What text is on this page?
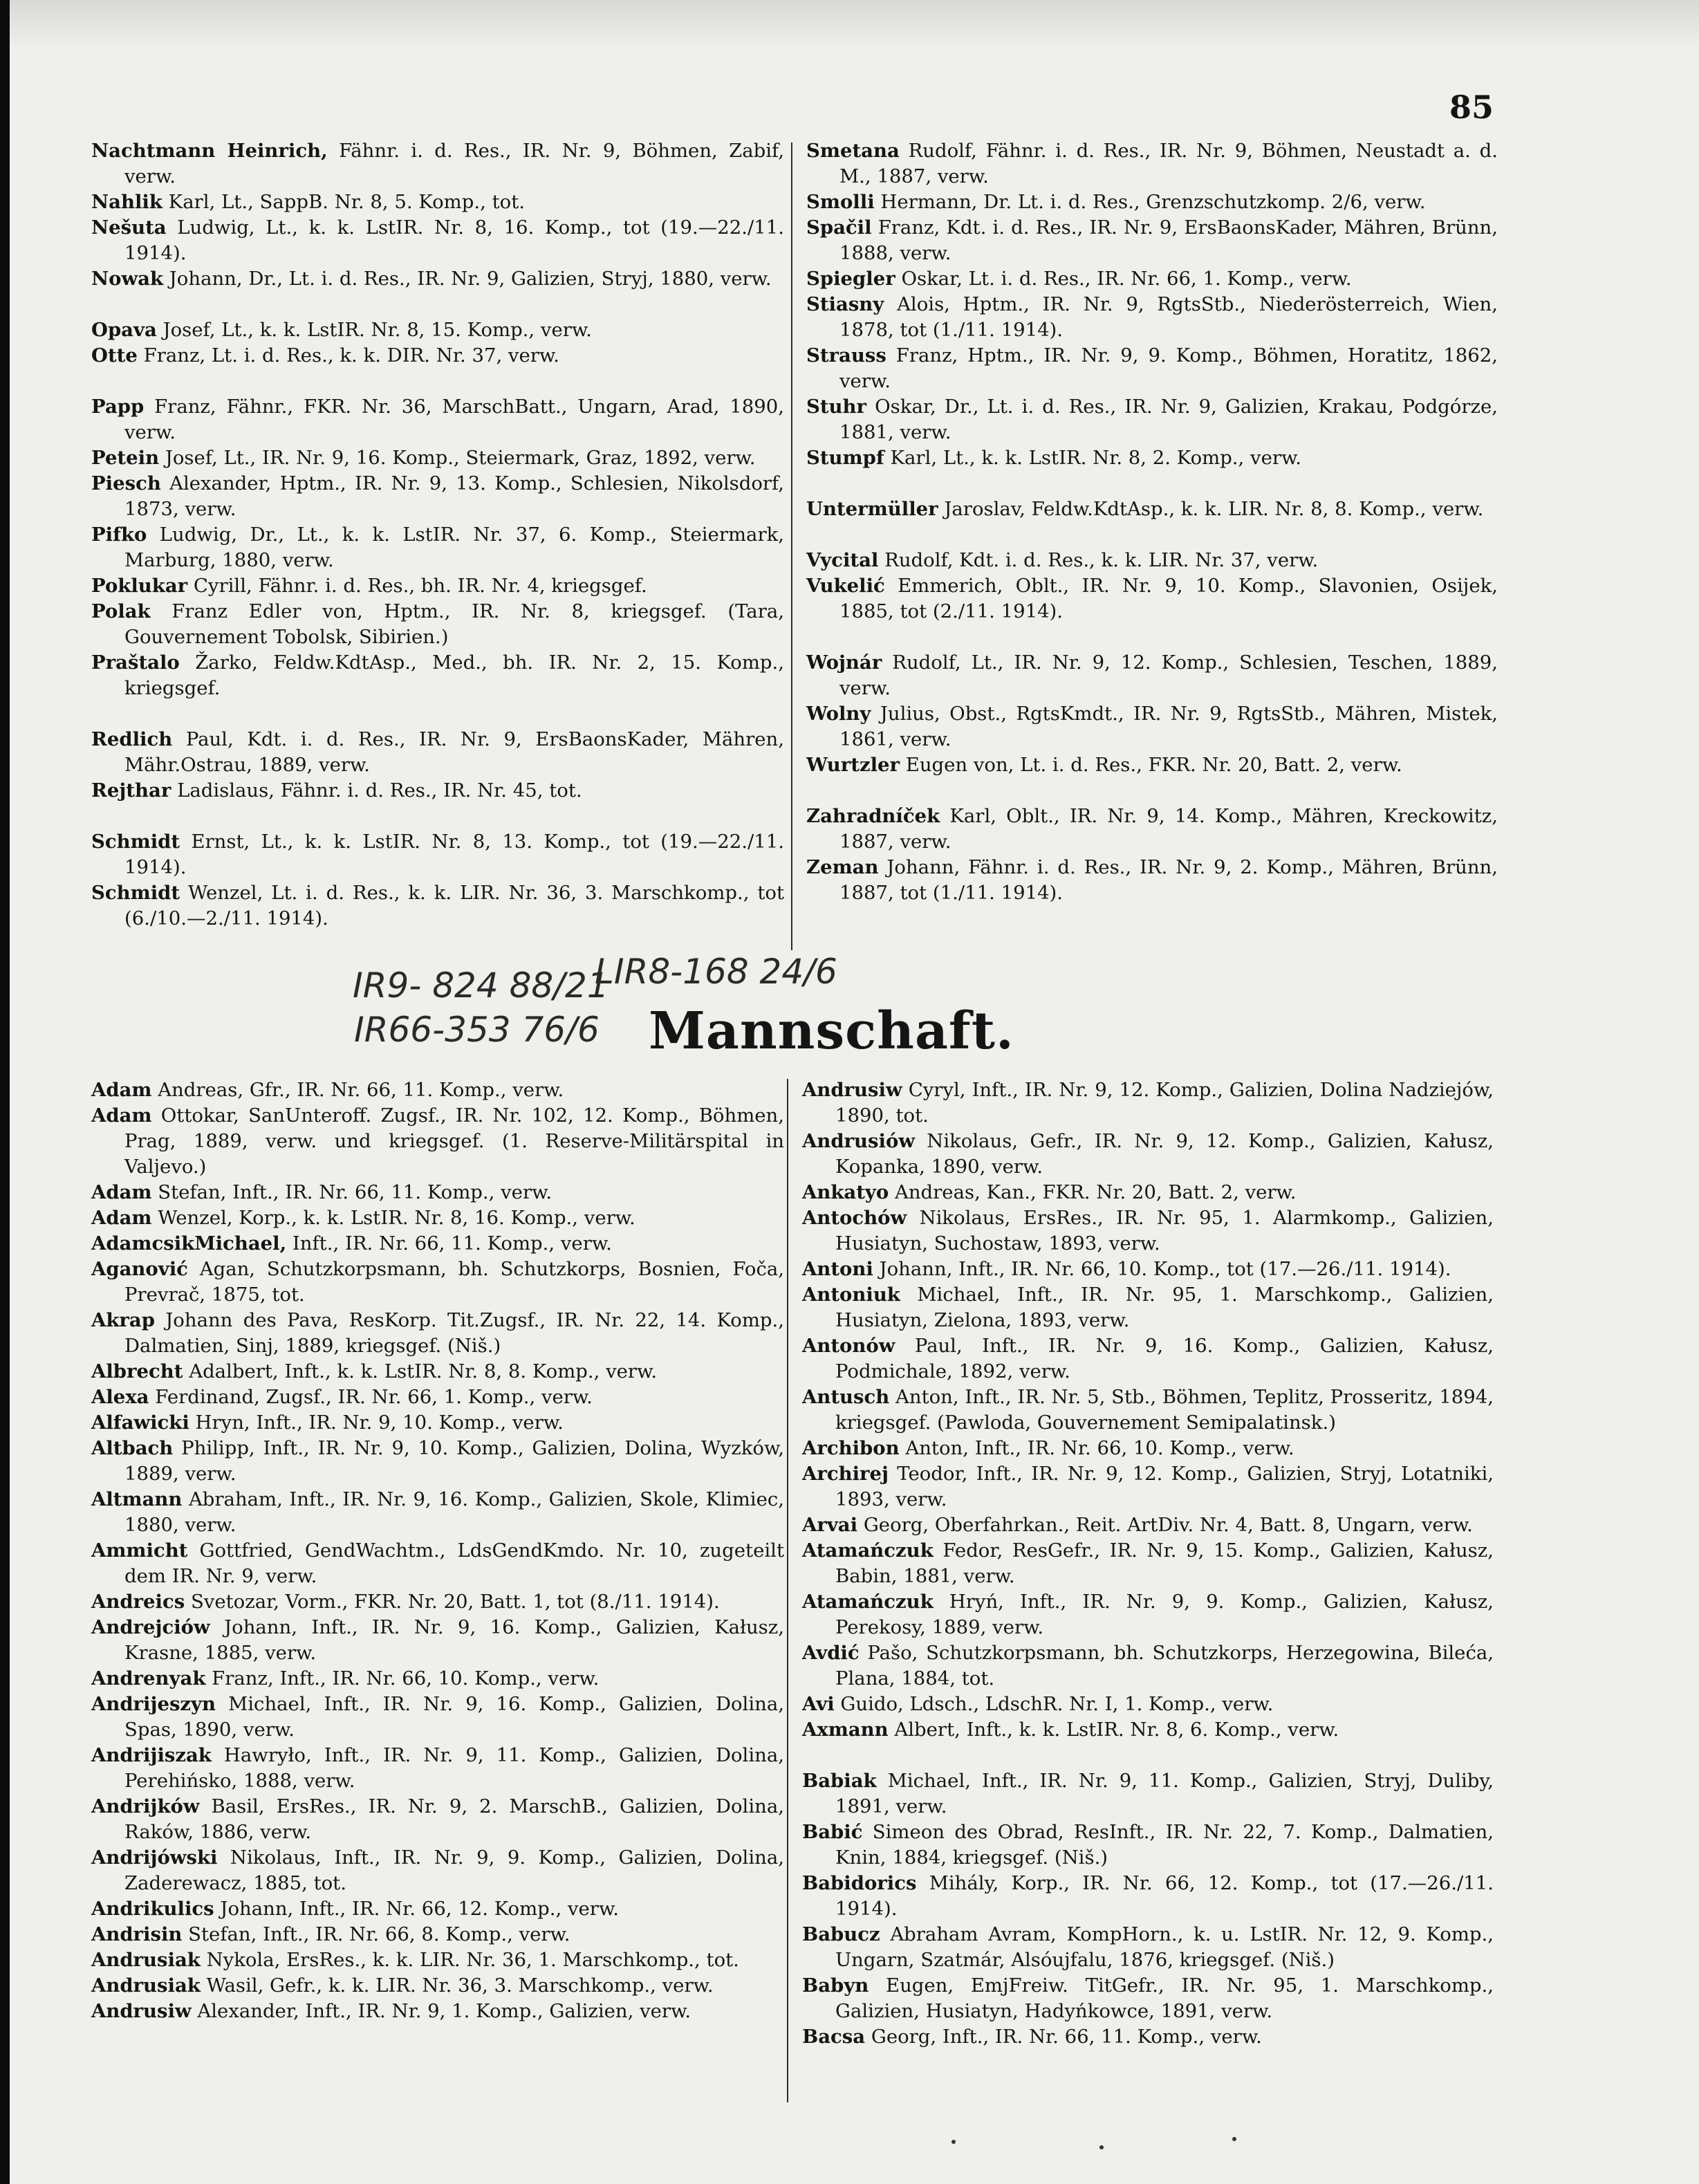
85

Nachtmann Heinrich, Fähnr. i. d. Res., IR. Nr. 9, Böhmen, Zabif, verw.

Nahlik Karl, Lt., SappB. Nr. 8, 5. Komp., tot.

Nešuta Ludwig, Lt., k. k. LstIR. Nr. 8, 16. Komp., tot (19.—22./11. 1914).

Nowak Johann, Dr., Lt. i. d. Res., IR. Nr. 9, Galizien, Stryj, 1880, verw.

Opava Josef, Lt., k. k. LstIR. Nr. 8, 15. Komp., verw.

Otte Franz, Lt. i. d. Res., k. k. DIR. Nr. 37, verw.

Papp Franz, Fähnr., FKR. Nr. 36, MarschBatt., Ungarn, Arad, 1890, verw.

Petein Josef, Lt., IR. Nr. 9, 16. Komp., Steiermark, Graz, 1892, verw.

Piesch Alexander, Hptm., IR. Nr. 9, 13. Komp., Schlesien, Nikolsdorf, 1873, verw.

Pifko Ludwig, Dr., Lt., k. k. LstIR. Nr. 37, 6. Komp., Steiermark, Marburg, 1880, verw.

Poklukar Cyrill, Fähnr. i. d. Res., bh. IR. Nr. 4, kriegsgef.

Polak Franz Edler von, Hptm., IR. Nr. 8, kriegsgef. (Tara, Gouvernement Tobolsk, Sibirien.)

Praštalo Žarko, Feldw.KdtAsp., Med., bh. IR. Nr. 2, 15. Komp., kriegsgef.

Redlich Paul, Kdt. i. d. Res., IR. Nr. 9, ErsBaonsKader, Mähren, Mähr.Ostrau, 1889, verw.

Rejthar Ladislaus, Fähnr. i. d. Res., IR. Nr. 45, tot.

Schmidt Ernst, Lt., k. k. LstIR. Nr. 8, 13. Komp., tot (19.—22./11. 1914).

Schmidt Wenzel, Lt. i. d. Res., k. k. LIR. Nr. 36, 3. Marschkomp., tot (6./10.—2./11. 1914).

Smetana Rudolf, Fähnr. i. d. Res., IR. Nr. 9, Böhmen, Neustadt a. d. M., 1887, verw.

Smolli Hermann, Dr. Lt. i. d. Res., Grenzschutzkomp. 2/6, verw.

Spačil Franz, Kdt. i. d. Res., IR. Nr. 9, ErsBaonsKader, Mähren, Brünn, 1888, verw.

Spiegler Oskar, Lt. i. d. Res., IR. Nr. 66, 1. Komp., verw.

Stiasny Alois, Hptm., IR. Nr. 9, RgtsStb., Niederösterreich, Wien, 1878, tot (1./11. 1914).

Strauss Franz, Hptm., IR. Nr. 9, 9. Komp., Böhmen, Horatitz, 1862, verw.

Stuhr Oskar, Dr., Lt. i. d. Res., IR. Nr. 9, Galizien, Krakau, Podgórze, 1881, verw.

Stumpf Karl, Lt., k. k. LstIR. Nr. 8, 2. Komp., verw.

Untermüller Jaroslav, Feldw.KdtAsp., k. k. LIR. Nr. 8, 8. Komp., verw.

Vycital Rudolf, Kdt. i. d. Res., k. k. LIR. Nr. 37, verw.

Vukelić Emmerich, Oblt., IR. Nr. 9, 10. Komp., Slavonien, Osijek, 1885, tot (2./11. 1914).

Wojnár Rudolf, Lt., IR. Nr. 9, 12. Komp., Schlesien, Teschen, 1889, verw.

Wolny Julius, Obst., RgtsKmdt., IR. Nr. 9, RgtsStb., Mähren, Mistek, 1861, verw.

Wurtzler Eugen von, Lt. i. d. Res., FKR. Nr. 20, Batt. 2, verw.

Zahradníček Karl, Oblt., IR. Nr. 9, 14. Komp., Mähren, Kreckowitz, 1887, verw.

Zeman Johann, Fähnr. i. d. Res., IR. Nr. 9, 2. Komp., Mähren, Brünn, 1887, tot (1./11. 1914).

IR9- 824 88/21
LIR8-168 24/6
IR66-353 76/6 Mannschaft.

Adam Andreas, Gfr., IR. Nr. 66, 11. Komp., verw.

Adam Ottokar, SanUnteroff. Zugsf., IR. Nr. 102, 12. Komp., Böhmen, Prag, 1889, verw. und kriegsgef. (1. Reserve-Militärspital in Valjevo.)

Adam Stefan, Inft., IR. Nr. 66, 11. Komp., verw.

Adam Wenzel, Korp., k. k. LstIR. Nr. 8, 16. Komp., verw.

AdamcsikMichael, Inft., IR. Nr. 66, 11. Komp., verw.

Aganović Agan, Schutzkorpsmann, bh. Schutzkorps, Bosnien, Foča, Prevrač, 1875, tot.

Akrap Johann des Pava, ResKorp. Tit.Zugsf., IR. Nr. 22, 14. Komp., Dalmatien, Sinj, 1889, kriegsgef. (Niš.)

Albrecht Adalbert, Inft., k. k. LstIR. Nr. 8, 8. Komp., verw.

Alexa Ferdinand, Zugsf., IR. Nr. 66, 1. Komp., verw.

Alfawicki Hryn, Inft., IR. Nr. 9, 10. Komp., verw.

Altbach Philipp, Inft., IR. Nr. 9, 10. Komp., Galizien, Dolina, Wyzków, 1889, verw.

Altmann Abraham, Inft., IR. Nr. 9, 16. Komp., Galizien, Skole, Klimiec, 1880, verw.

Ammicht Gottfried, GendWachtm., LdsGendKmdo. Nr. 10, zugeteilt dem IR. Nr. 9, verw.

Andreics Svetozar, Vorm., FKR. Nr. 20, Batt. 1, tot (8./11. 1914).

Andrejciów Johann, Inft., IR. Nr. 9, 16. Komp., Galizien, Kałusz, Krasne, 1885, verw.

Andrenyak Franz, Inft., IR. Nr. 66, 10. Komp., verw.

Andrijeszyn Michael, Inft., IR. Nr. 9, 16. Komp., Galizien, Dolina, Spas, 1890, verw.

Andrijiszak Hawryło, Inft., IR. Nr. 9, 11. Komp., Galizien, Dolina, Perehińsko, 1888, verw.

Andrijków Basil, ErsRes., IR. Nr. 9, 2. MarschB., Galizien, Dolina, Raków, 1886, verw.

Andrijówski Nikolaus, Inft., IR. Nr. 9, 9. Komp., Galizien, Dolina, Zaderewacz, 1885, tot.

Andrikulics Johann, Inft., IR. Nr. 66, 12. Komp., verw.

Andrisin Stefan, Inft., IR. Nr. 66, 8. Komp., verw.

Andrusiak Nykola, ErsRes., k. k. LIR. Nr. 36, 1. Marschkomp., tot.

Andrusiak Wasil, Gefr., k. k. LIR. Nr. 36, 3. Marschkomp., verw.

Andrusiw Alexander, Inft., IR. Nr. 9, 1. Komp., Galizien, verw.

Andrusiw Cyryl, Inft., IR. Nr. 9, 12. Komp., Galizien, Dolina Nadziejów, 1890, tot.

Andrusiów Nikolaus, Gefr., IR. Nr. 9, 12. Komp., Galizien, Kałusz, Kopanka, 1890, verw.

Ankatyo Andreas, Kan., FKR. Nr. 20, Batt. 2, verw.

Antochów Nikolaus, ErsRes., IR. Nr. 95, 1. Alarmkomp., Galizien, Husiatyn, Suchostaw, 1893, verw.

Antoni Johann, Inft., IR. Nr. 66, 10. Komp., tot (17.—26./11. 1914).

Antoniuk Michael, Inft., IR. Nr. 95, 1. Marschkomp., Galizien, Husiatyn, Zielona, 1893, verw.

Antonów Paul, Inft., IR. Nr. 9, 16. Komp., Galizien, Kałusz, Podmichale, 1892, verw.

Antusch Anton, Inft., IR. Nr. 5, Stb., Böhmen, Teplitz, Prosseritz, 1894, kriegsgef. (Pawloda, Gouvernement Semipalatinsk.)

Archibon Anton, Inft., IR. Nr. 66, 10. Komp., verw.

Archirej Teodor, Inft., IR. Nr. 9, 12. Komp., Galizien, Stryj, Lotatniki, 1893, verw.

Arvai Georg, Oberfahrkan., Reit. ArtDiv. Nr. 4, Batt. 8, Ungarn, verw.

Atamańczuk Fedor, ResGefr., IR. Nr. 9, 15. Komp., Galizien, Kałusz, Babin, 1881, verw.

Atamańczuk Hryń, Inft., IR. Nr. 9, 9. Komp., Galizien, Kałusz, Perekosy, 1889, verw.

Avdić Pašo, Schutzkorpsmann, bh. Schutzkorps, Herzegowina, Bileća, Plana, 1884, tot.

Avi Guido, Ldsch., LdschR. Nr. I, 1. Komp., verw.

Axmann Albert, Inft., k. k. LstIR. Nr. 8, 6. Komp., verw.

Babiak Michael, Inft., IR. Nr. 9, 11. Komp., Galizien, Stryj, Duliby, 1891, verw.

Babić Simeon des Obrad, ResInft., IR. Nr. 22, 7. Komp., Dalmatien, Knin, 1884, kriegsgef. (Niš.)

Babidorics Mihály, Korp., IR. Nr. 66, 12. Komp., tot (17.—26./11. 1914).

Babucz Abraham Avram, KompHorn., k. u. LstIR. Nr. 12, 9. Komp., Ungarn, Szatmár, Alsóujfalu, 1876, kriegsgef. (Niš.)

Babyn Eugen, EmjFreiw. TitGefr., IR. Nr. 95, 1. Marschkomp., Galizien, Husiatyn, Hadyńkowce, 1891, verw.

Bacsa Georg, Inft., IR. Nr. 66, 11. Komp., verw.
